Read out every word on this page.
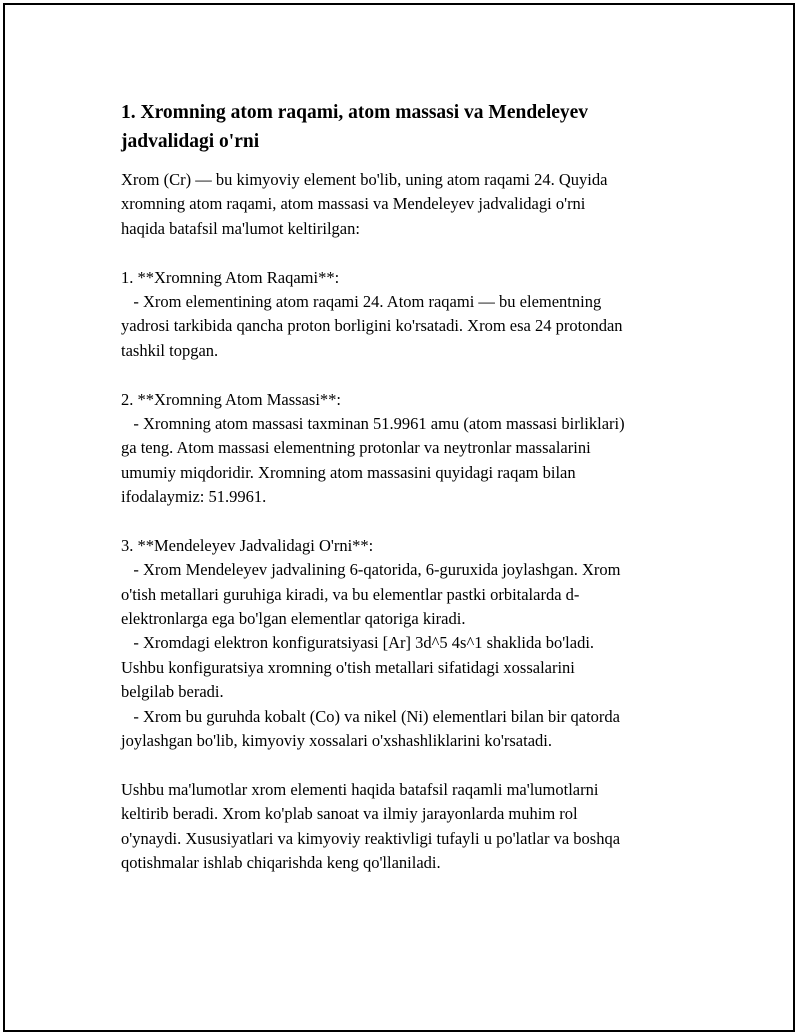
1. Xromning atom raqami, atom massasi va Mendeleyev
jadvalidagi o'rni
Xrom (Cr) — bu kimyoviy element bo'lib, uning atom raqami 24. Quyida
xromning atom raqami, atom massasi va Mendeleyev jadvalidagi o'rni
haqida batafsil ma'lumot keltirilgan:
1. **Xromning Atom Raqami**:
- Xrom elementining atom raqami 24. Atom raqami — bu elementning
yadrosi tarkibida qancha proton borligini ko'rsatadi. Xrom esa 24 protondan
tashkil topgan.
2. **Xromning Atom Massasi**:
- Xromning atom massasi taxminan 51.9961 amu (atom massasi birliklari)
ga teng. Atom massasi elementning protonlar va neytronlar massalarini
umumiy miqdoridir. Xromning atom massasini quyidagi raqam bilan
ifodalaymiz: 51.9961.
3. **Mendeleyev Jadvalidagi O'rni**:
- Xrom Mendeleyev jadvalining 6-qatorida, 6-guruxida joylashgan. Xrom
o'tish metallari guruhiga kiradi, va bu elementlar pastki orbitalarda d-
elektronlarga ega bo'lgan elementlar qatoriga kiradi.
- Xromdagi elektron konfiguratsiyasi [Ar] 3d^5 4s^1 shaklida bo'ladi.
Ushbu konfiguratsiya xromning o'tish metallari sifatidagi xossalarini
belgilab beradi.
- Xrom bu guruhda kobalt (Co) va nikel (Ni) elementlari bilan bir qatorda
joylashgan bo'lib, kimyoviy xossalari o'xshashliklarini ko'rsatadi.
Ushbu ma'lumotlar xrom elementi haqida batafsil raqamli ma'lumotlarni
keltirib beradi. Xrom ko'plab sanoat va ilmiy jarayonlarda muhim rol
o'ynaydi. Xususiyatlari va kimyoviy reaktivligi tufayli u po'latlar va boshqa
qotishmalar ishlab chiqarishda keng qo'llaniladi.
